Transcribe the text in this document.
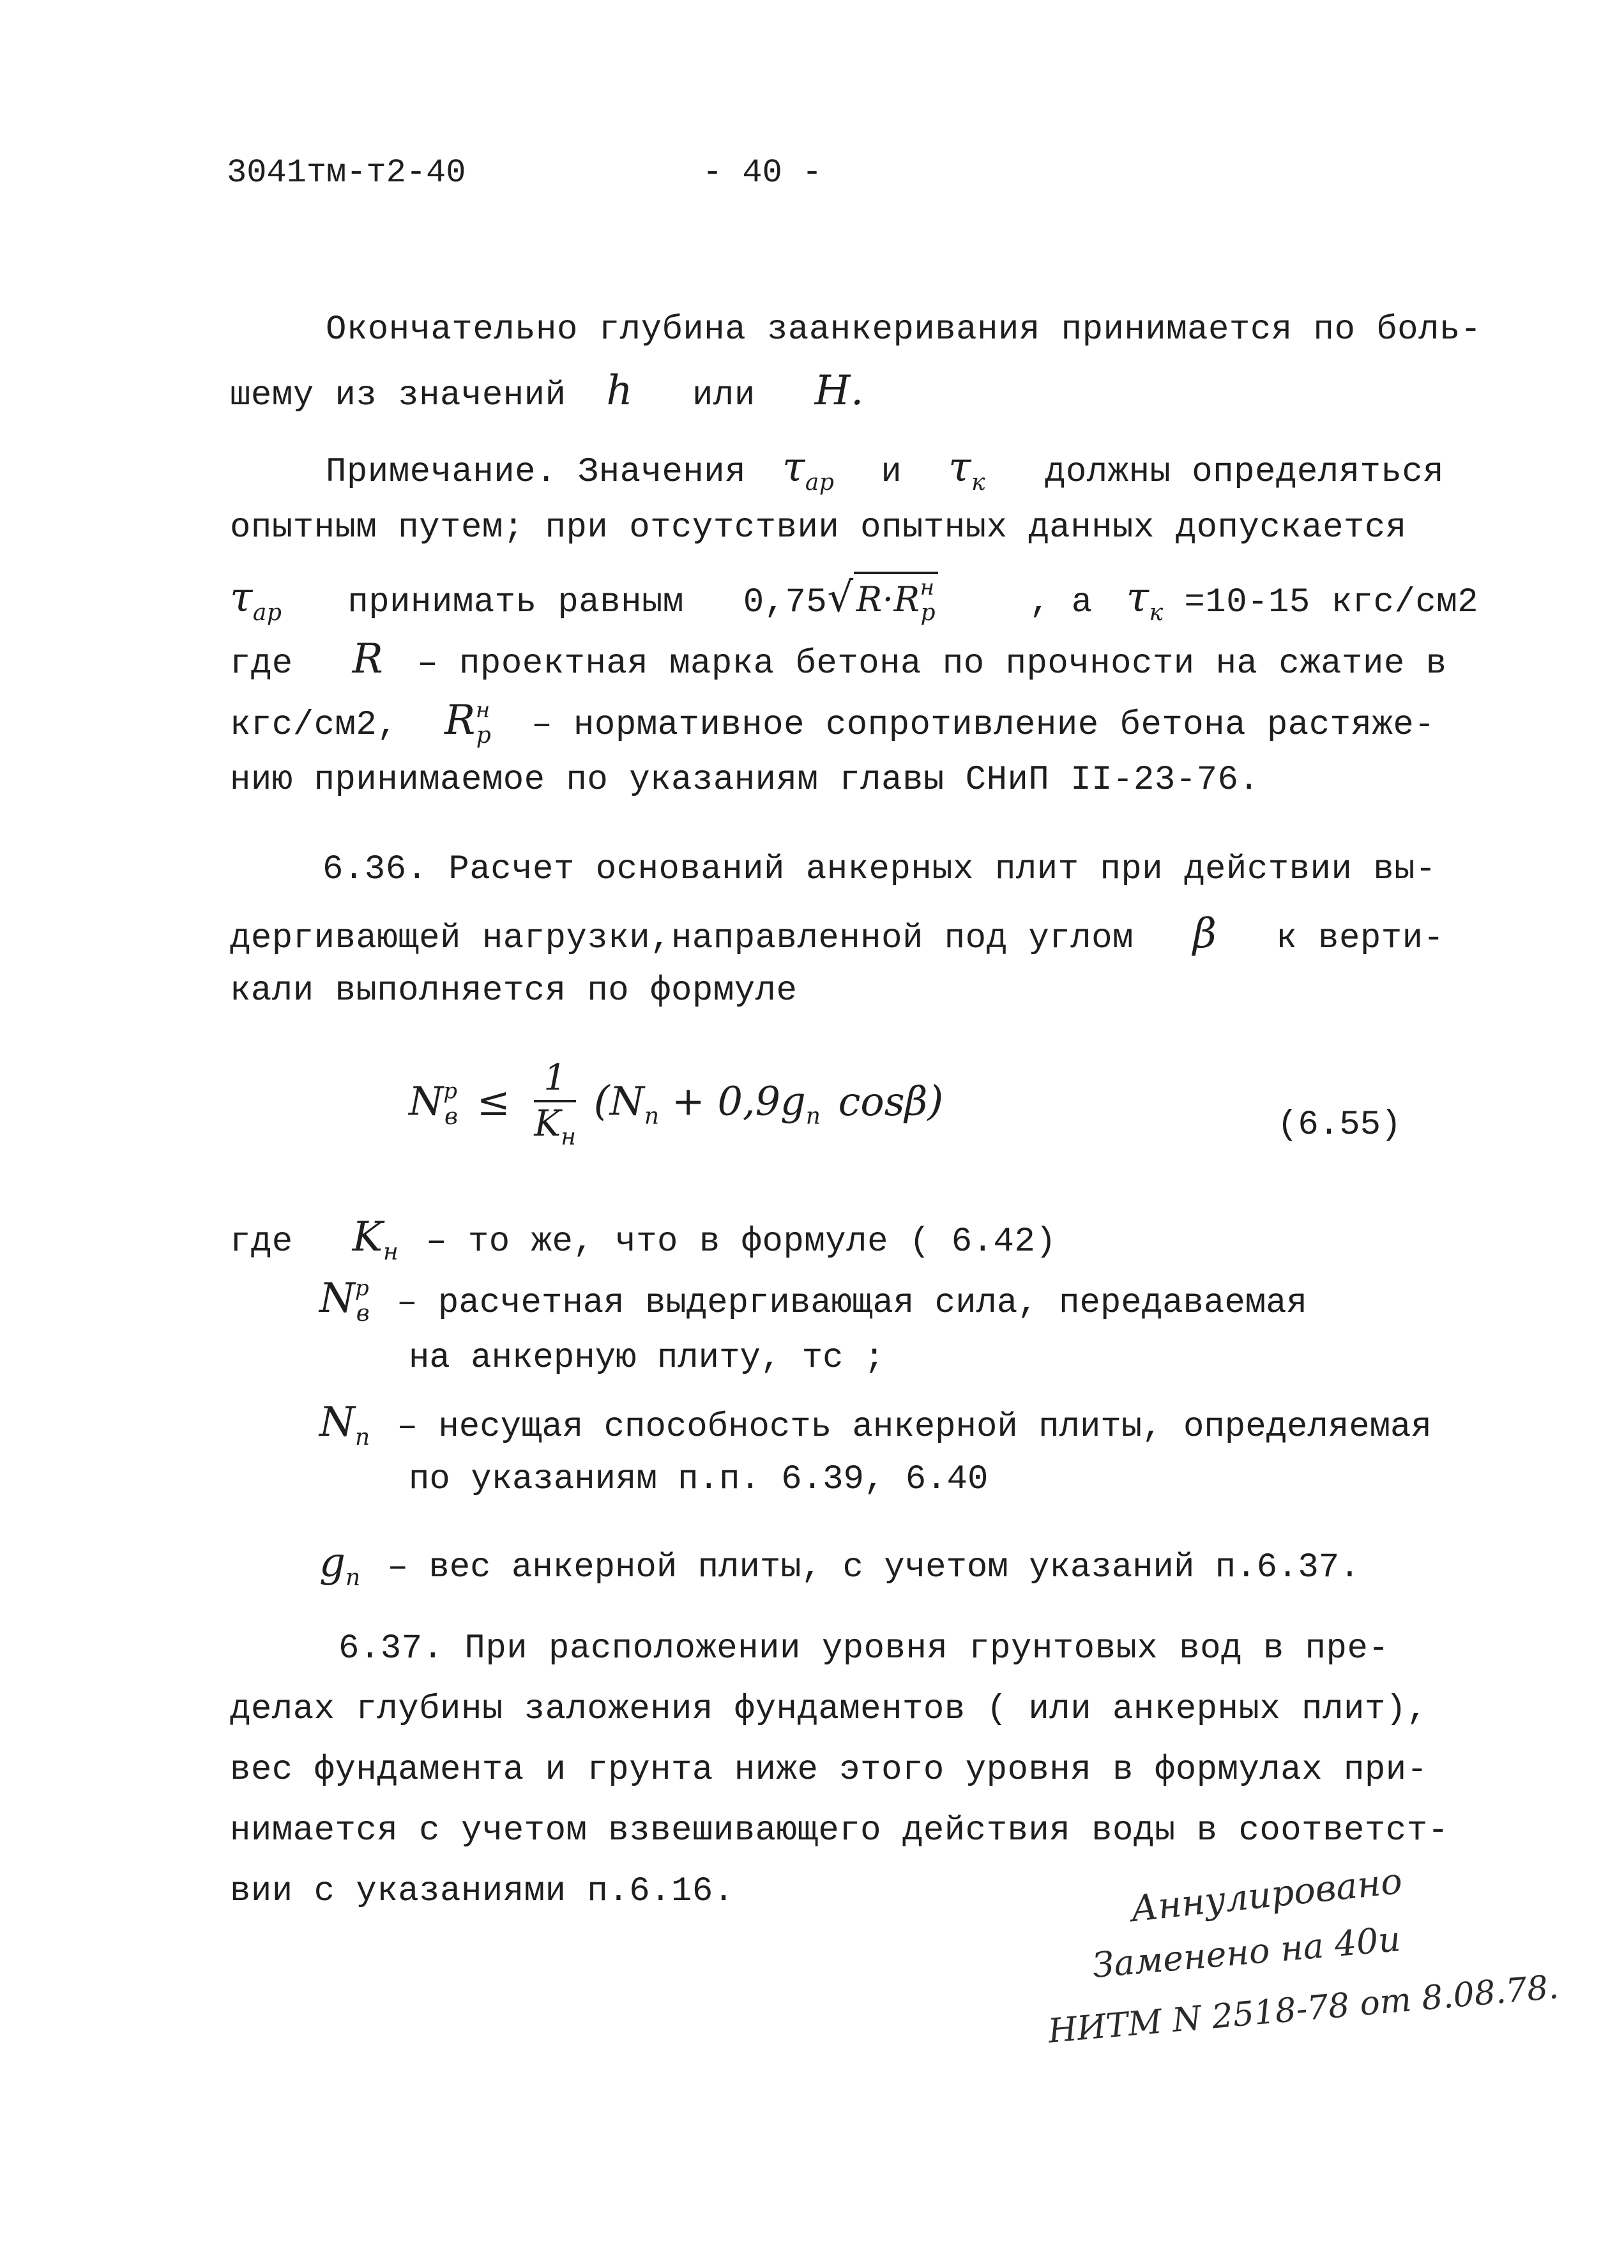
3041тм-т2-40	- 40 -
Окончательно глубина заанкеривания принимается по боль-
шему из значений h или H.
Примечание. Значения $\tau_{ap}$ и $\tau_к$ должны определяться
опытным путем; при отсутствии опытных данных допускается
$\tau_{ap}$ принимать равным $0,75√R\cdot R^н_р$	, а $\tau_к =10-15$ кгс/см2
где R – проектная марка бетона по прочности на сжатие в
кгс/см2, $R^н_р$ – нормативное сопротивление бетона растяже-
нию принимаемое по указаниям главы СНиП II-23-76.
6.36. Расчет оснований анкерных плит при действии вы-
дергивающей нагрузки,направленной под углом β к верти-
кали выполняется по формуле
$N^р_в \le \frac{1}{K_н} (N_п + 0,9g_п$ cosβ)	(6.55)
где $K_н$ – то же, что в формуле ( 6.42)
$N^р_в$ – расчетная выдергивающая сила, передаваемая
на анкерную плиту, тс ;
$N_п$ – несущая способность анкерной плиты, определяемая
по указаниям п.п. 6.39, 6.40
$g_п$ – вес анкерной плиты, с учетом указаний п.6.37.
6.37. При расположении уровня грунтовых вод в пре-
делах глубины заложения фундаментов ( или анкерных плит),
вес фундамента и грунта ниже этого уровня в формулах при-
нимается с учетом взвешивающего действия воды в соответст-
вии с указаниями п.6.16.	Аннулировано
Заменено на 40и
НИТМ N 2518-78 от 8.08.78.
